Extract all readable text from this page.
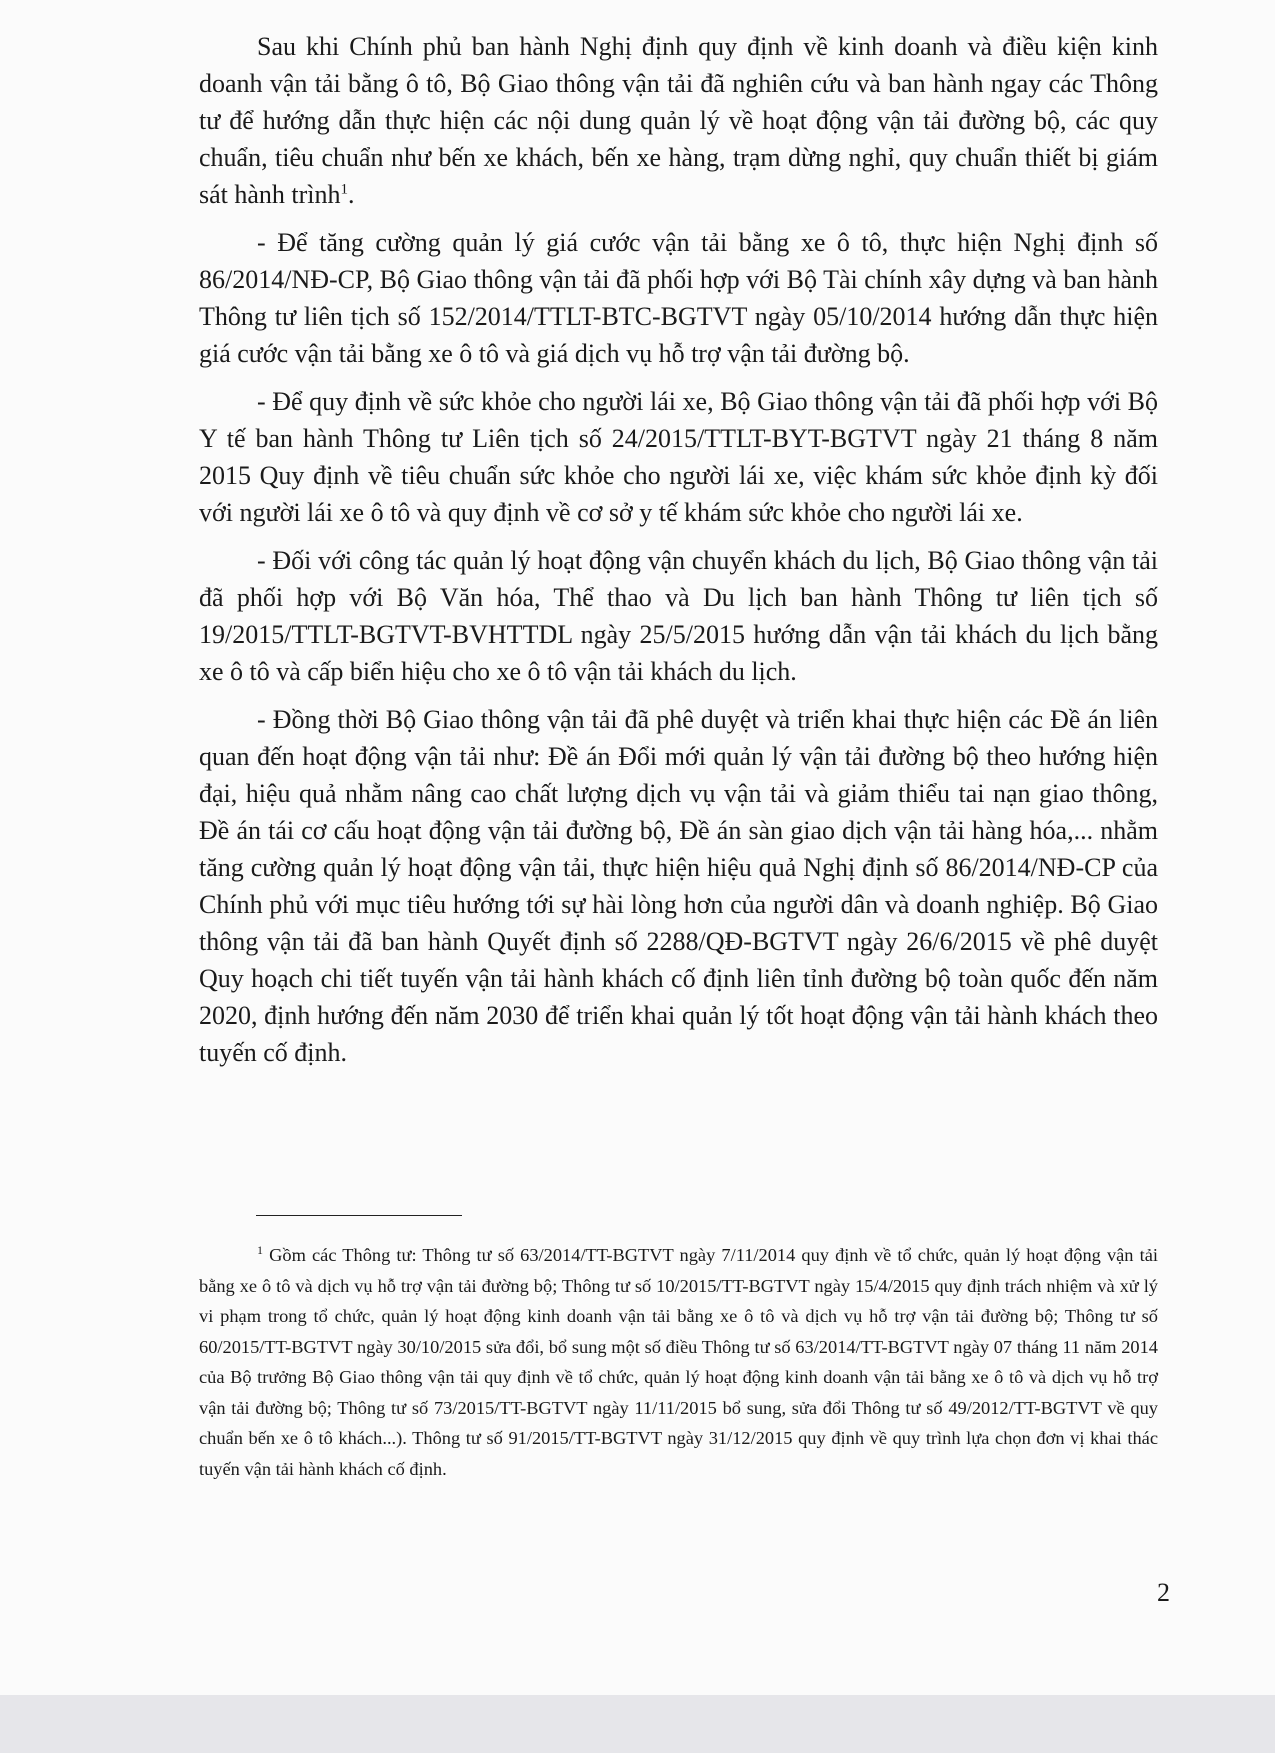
Sau khi Chính phủ ban hành Nghị định quy định về kinh doanh và điều kiện kinh doanh vận tải bằng ô tô, Bộ Giao thông vận tải đã nghiên cứu và ban hành ngay các Thông tư để hướng dẫn thực hiện các nội dung quản lý về hoạt động vận tải đường bộ, các quy chuẩn, tiêu chuẩn như bến xe khách, bến xe hàng, trạm dừng nghỉ, quy chuẩn thiết bị giám sát hành trình$^1$.

- Để tăng cường quản lý giá cước vận tải bằng xe ô tô, thực hiện Nghị định số 86/2014/NĐ-CP, Bộ Giao thông vận tải đã phối hợp với Bộ Tài chính xây dựng và ban hành Thông tư liên tịch số 152/2014/TTLT-BTC-BGTVT ngày 05/10/2014 hướng dẫn thực hiện giá cước vận tải bằng xe ô tô và giá dịch vụ hỗ trợ vận tải đường bộ.

- Để quy định về sức khỏe cho người lái xe, Bộ Giao thông vận tải đã phối hợp với Bộ Y tế ban hành Thông tư Liên tịch số 24/2015/TTLT-BYT-BGTVT ngày 21 tháng 8 năm 2015 Quy định về tiêu chuẩn sức khỏe cho người lái xe, việc khám sức khỏe định kỳ đối với người lái xe ô tô và quy định về cơ sở y tế khám sức khỏe cho người lái xe.

- Đối với công tác quản lý hoạt động vận chuyển khách du lịch, Bộ Giao thông vận tải đã phối hợp với Bộ Văn hóa, Thể thao và Du lịch ban hành Thông tư liên tịch số 19/2015/TTLT-BGTVT-BVHTTDL ngày 25/5/2015 hướng dẫn vận tải khách du lịch bằng xe ô tô và cấp biển hiệu cho xe ô tô vận tải khách du lịch.

- Đồng thời Bộ Giao thông vận tải đã phê duyệt và triển khai thực hiện các Đề án liên quan đến hoạt động vận tải như: Đề án Đổi mới quản lý vận tải đường bộ theo hướng hiện đại, hiệu quả nhằm nâng cao chất lượng dịch vụ vận tải và giảm thiểu tai nạn giao thông, Đề án tái cơ cấu hoạt động vận tải đường bộ, Đề án sàn giao dịch vận tải hàng hóa,... nhằm tăng cường quản lý hoạt động vận tải, thực hiện hiệu quả Nghị định số 86/2014/NĐ-CP của Chính phủ với mục tiêu hướng tới sự hài lòng hơn của người dân và doanh nghiệp. Bộ Giao thông vận tải đã ban hành Quyết định số 2288/QĐ-BGTVT ngày 26/6/2015 về phê duyệt Quy hoạch chi tiết tuyến vận tải hành khách cố định liên tỉnh đường bộ toàn quốc đến năm 2020, định hướng đến năm 2030 để triển khai quản lý tốt hoạt động vận tải hành khách theo tuyến cố định.

$^1$ Gồm các Thông tư: Thông tư số 63/2014/TT-BGTVT ngày 7/11/2014 quy định về tổ chức, quản lý hoạt động vận tải bằng xe ô tô và dịch vụ hỗ trợ vận tải đường bộ; Thông tư số 10/2015/TT-BGTVT ngày 15/4/2015 quy định trách nhiệm và xử lý vi phạm trong tổ chức, quản lý hoạt động kinh doanh vận tải bằng xe ô tô và dịch vụ hỗ trợ vận tải đường bộ; Thông tư số 60/2015/TT-BGTVT ngày 30/10/2015 sửa đổi, bổ sung một số điều Thông tư số 63/2014/TT-BGTVT ngày 07 tháng 11 năm 2014 của Bộ trưởng Bộ Giao thông vận tải quy định về tổ chức, quản lý hoạt động kinh doanh vận tải bằng xe ô tô và dịch vụ hỗ trợ vận tải đường bộ; Thông tư số 73/2015/TT-BGTVT ngày 11/11/2015 bổ sung, sửa đổi Thông tư số 49/2012/TT-BGTVT về quy chuẩn bến xe ô tô khách...). Thông tư số 91/2015/TT-BGTVT ngày 31/12/2015 quy định về quy trình lựa chọn đơn vị khai thác tuyến vận tải hành khách cố định.

2
